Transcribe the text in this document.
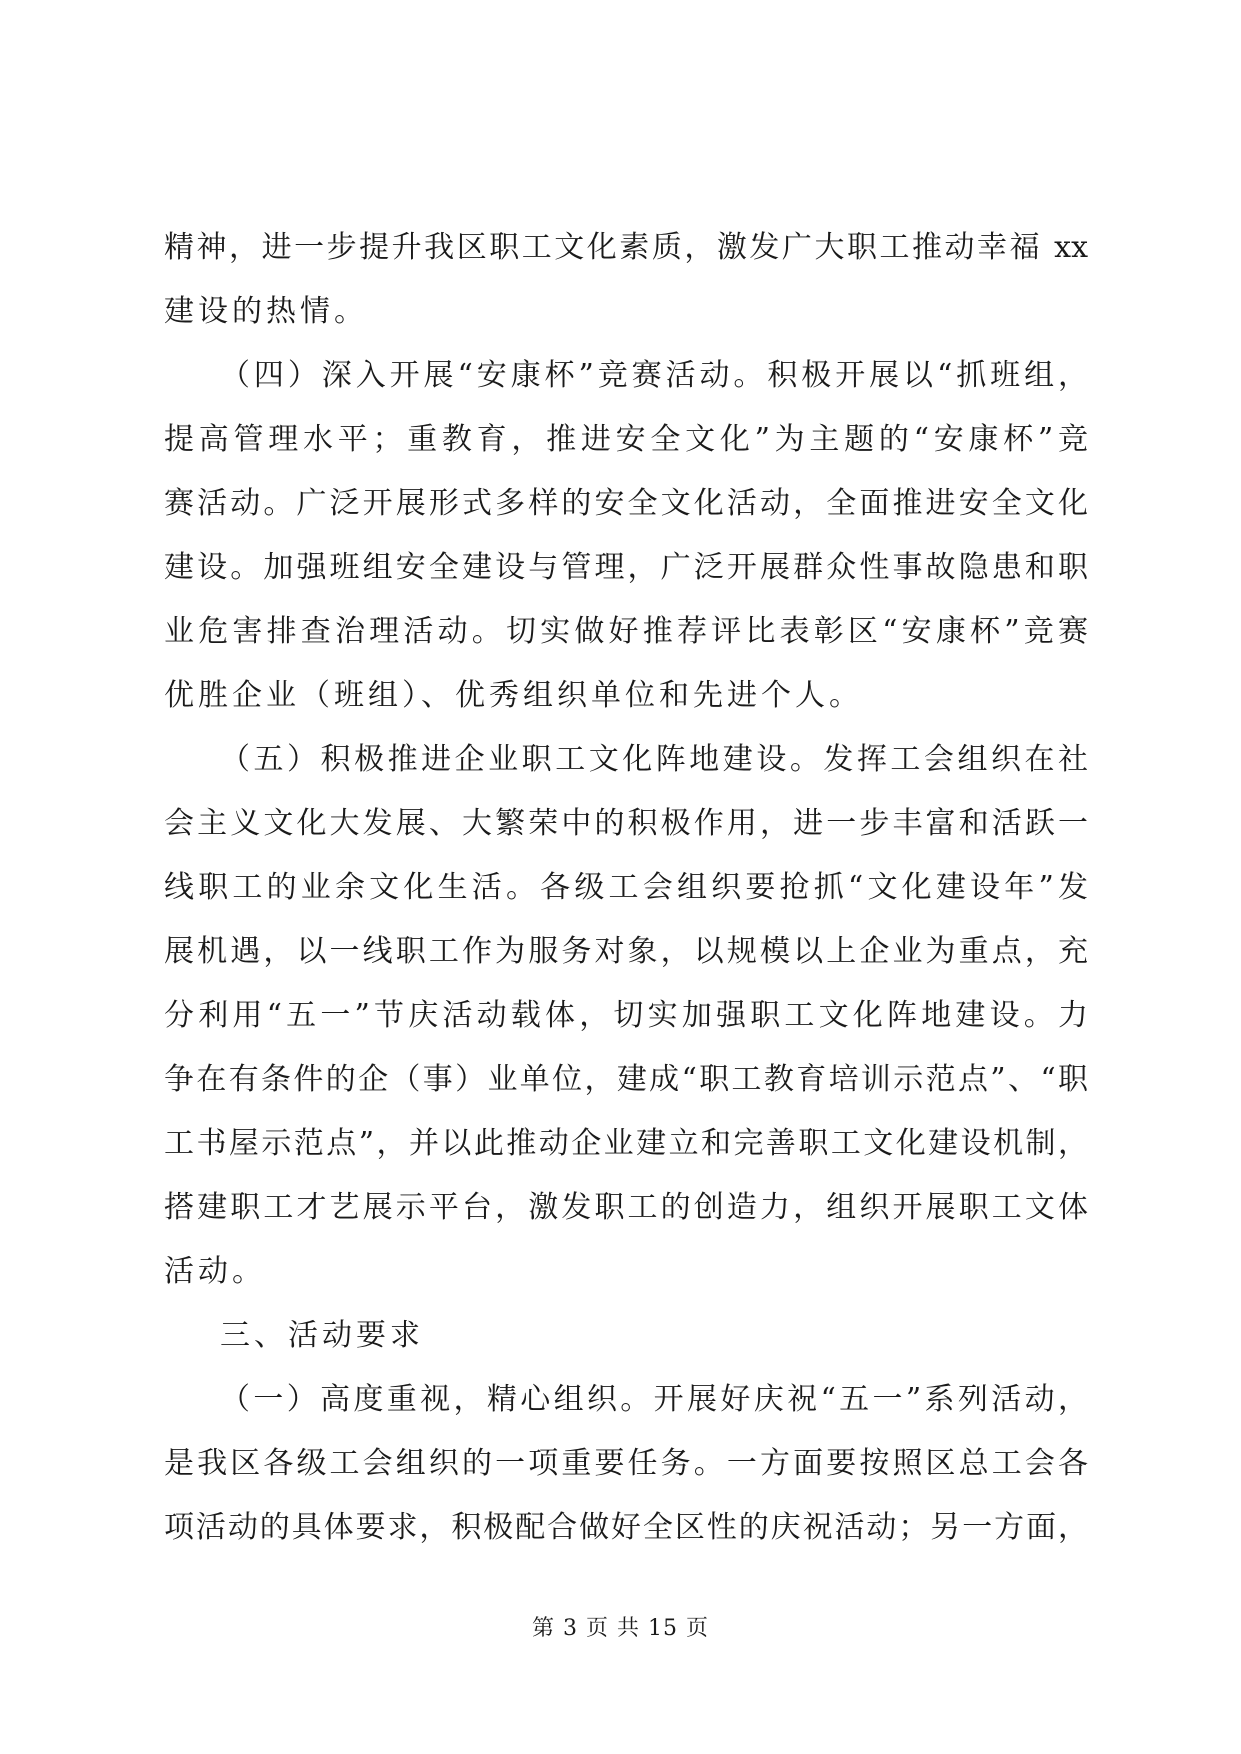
精神，进一步提升我区职工文化素质，激发广大职工推动幸福 xx
建设的热情。
（四）深入开展“安康杯”竞赛活动。积极开展以“抓班组，
提高管理水平；重教育，推进安全文化”为主题的“安康杯”竞
赛活动。广泛开展形式多样的安全文化活动，全面推进安全文化
建设。加强班组安全建设与管理，广泛开展群众性事故隐患和职
业危害排查治理活动。切实做好推荐评比表彰区“安康杯”竞赛
优胜企业（班组）、优秀组织单位和先进个人。
（五）积极推进企业职工文化阵地建设。发挥工会组织在社
会主义文化大发展、大繁荣中的积极作用，进一步丰富和活跃一
线职工的业余文化生活。各级工会组织要抢抓“文化建设年”发
展机遇，以一线职工作为服务对象，以规模以上企业为重点，充
分利用“五一”节庆活动载体，切实加强职工文化阵地建设。力
争在有条件的企（事）业单位，建成“职工教育培训示范点”、“职
工书屋示范点”，并以此推动企业建立和完善职工文化建设机制，
搭建职工才艺展示平台，激发职工的创造力，组织开展职工文体
活动。
三、活动要求
（一）高度重视，精心组织。开展好庆祝“五一”系列活动，
是我区各级工会组织的一项重要任务。一方面要按照区总工会各
项活动的具体要求，积极配合做好全区性的庆祝活动；另一方面，
第 3 页 共 15 页
